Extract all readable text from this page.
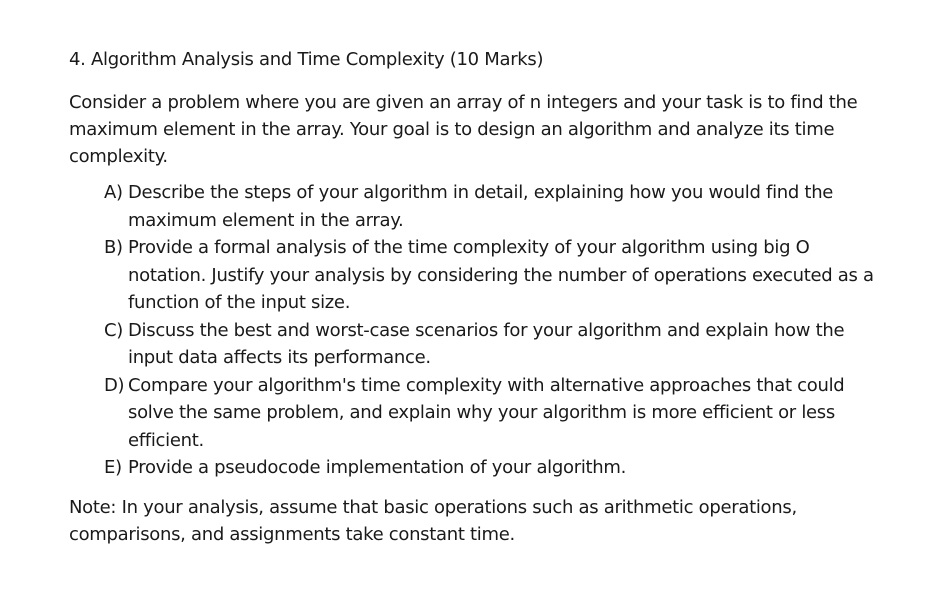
4. Algorithm Analysis and Time Complexity (10 Marks)

Consider a problem where you are given an array of n integers and your task is to find the maximum element in the array. Your goal is to design an algorithm and analyze its time complexity.

A) Describe the steps of your algorithm in detail, explaining how you would find the maximum element in the array.
B) Provide a formal analysis of the time complexity of your algorithm using big O notation. Justify your analysis by considering the number of operations executed as a function of the input size.
C) Discuss the best and worst-case scenarios for your algorithm and explain how the input data affects its performance.
D) Compare your algorithm's time complexity with alternative approaches that could solve the same problem, and explain why your algorithm is more efficient or less efficient.
E) Provide a pseudocode implementation of your algorithm.

Note: In your analysis, assume that basic operations such as arithmetic operations, comparisons, and assignments take constant time.
